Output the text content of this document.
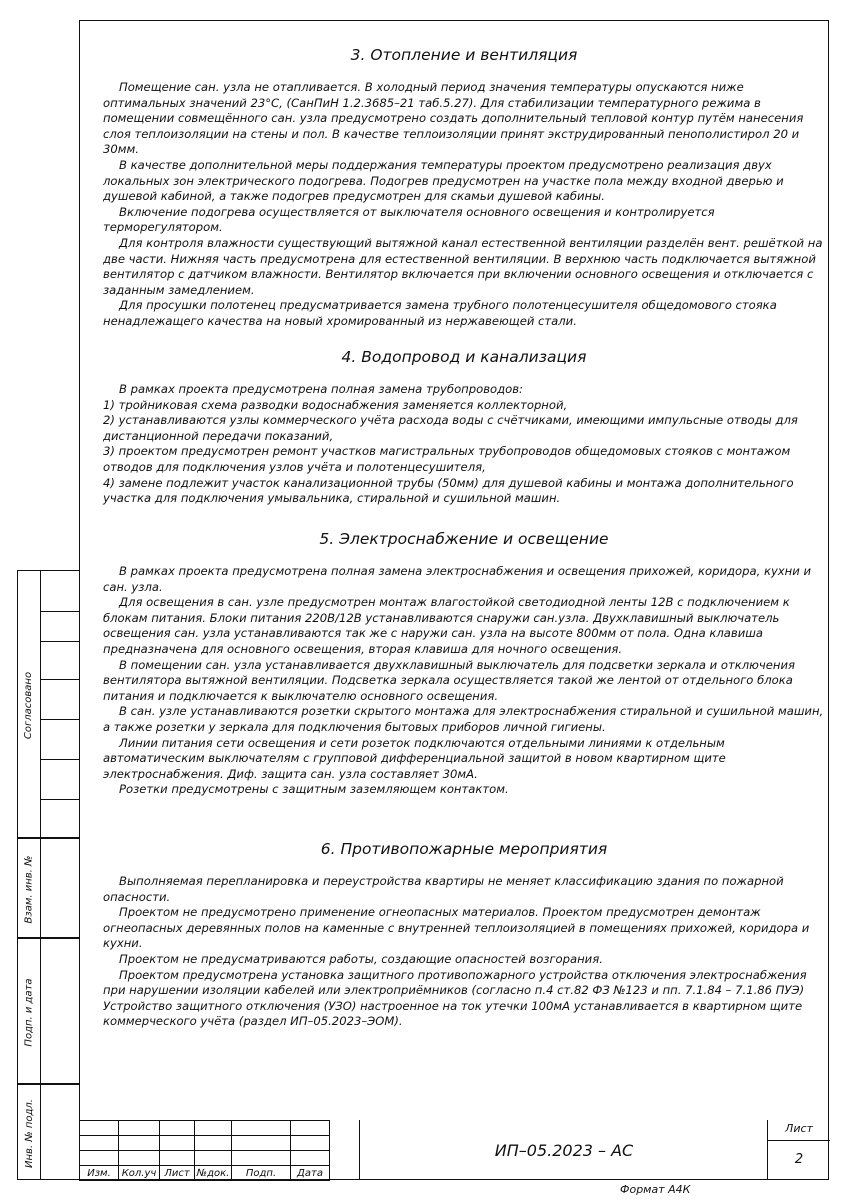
Согласовано
Взам. инв. №
Подп. и дата
Инв. № подл.
3. Отопление и вентиляция

Помещение сан. узла не отапливается. В холодный период значения температуры опускаются ниже оптимальных значений 23°С, (СанПиН 1.2.3685–21 таб.5.27). Для стабилизации температурного режима в помещении совмещённого сан. узла предусмотрено создать дополнительный тепловой контур путём нанесения слоя теплоизоляции на стены и пол. В качестве теплоизоляции принят экструдированный пенополистирол 20 и 30мм.

В качестве дополнительной меры поддержания температуры проектом предусмотрено реализация двух локальных зон электрического подогрева. Подогрев предусмотрен на участке пола между входной дверью и душевой кабиной, а также подогрев предусмотрен для скамьи душевой кабины.

Включение подогрева осуществляется от выключателя основного освещения и контролируется терморегулятором.

Для контроля влажности существующий вытяжной канал естественной вентиляции разделён вент. решёткой на две части. Нижняя часть предусмотрена для естественной вентиляции. В верхнюю часть подключается вытяжной вентилятор с датчиком влажности. Вентилятор включается при включении основного освещения и отключается с заданным замедлением.

Для просушки полотенец предусматривается замена трубного полотенцесушителя общедомового стояка ненадлежащего качества на новый хромированный из нержавеющей стали.

4. Водопровод и канализация

В рамках проекта предусмотрена полная замена трубопроводов:

1) тройниковая схема разводки водоснабжения заменяется коллекторной,

2) устанавливаются узлы коммерческого учёта расхода воды с счётчиками, имеющими импульсные отводы для дистанционной передачи показаний,

3) проектом предусмотрен ремонт участков магистральных трубопроводов общедомовых стояков с монтажом отводов для подключения узлов учёта и полотенцесушителя,

4) замене подлежит участок канализационной трубы (50мм) для душевой кабины и монтажа дополнительного участка для подключения умывальника, стиральной и сушильной машин.

5. Электроснабжение и освещение

В рамках проекта предусмотрена полная замена электроснабжения и освещения прихожей, коридора, кухни и сан. узла.

Для освещения в сан. узле предусмотрен монтаж влагостойкой светодиодной ленты 12В с подключением к блокам питания. Блоки питания 220В/12В устанавливаются снаружи сан.узла. Двухклавишный выключатель освещения сан. узла устанавливаются так же с наружи сан. узла на высоте 800мм от пола. Одна клавиша предназначена для основного освещения, вторая клавиша для ночного освещения.

В помещении сан. узла устанавливается двухклавишный выключатель для подсветки зеркала и отключения вентилятора вытяжной вентиляции. Подсветка зеркала осуществляется такой же лентой от отдельного блока питания и подключается к выключателю основного освещения.

В сан. узле устанавливаются розетки скрытого монтажа для электроснабжения стиральной и сушильной машин, а также розетки у зеркала для подключения бытовых приборов личной гигиены.

Линии питания сети освещения и сети розеток подключаются отдельными линиями к отдельным автоматическим выключателям с групповой дифференциальной защитой в новом квартирном щите электроснабжения. Диф. защита сан. узла составляет 30мА.

Розетки предусмотрены с защитным заземляющем контактом.

6. Противопожарные мероприятия

Выполняемая перепланировка и переустройства квартиры не меняет классификацию здания по пожарной опасности.

Проектом не предусмотрено применение огнеопасных материалов. Проектом предусмотрен демонтаж огнеопасных деревянных полов на каменные с внутренней теплоизоляцией в помещениях прихожей, коридора и кухни.

Проектом не предусматриваются работы, создающие опасностей возгорания.

Проектом предусмотрена установка защитного противопожарного устройства отключения электроснабжения при нарушении изоляции кабелей или электроприёмников (согласно п.4 ст.82 ФЗ №123 и пп. 7.1.84 – 7.1.86 ПУЭ) Устройство защитного отключения (УЗО) настроенное на ток утечки 100мА устанавливается в квартирном щите коммерческого учёта (раздел ИП–05.2023–ЭОМ).

Изм.	Кол.уч	Лист	№док.	Подп.	Дата
ИП–05.2023 – АС
Лист
2
Формат А4К
